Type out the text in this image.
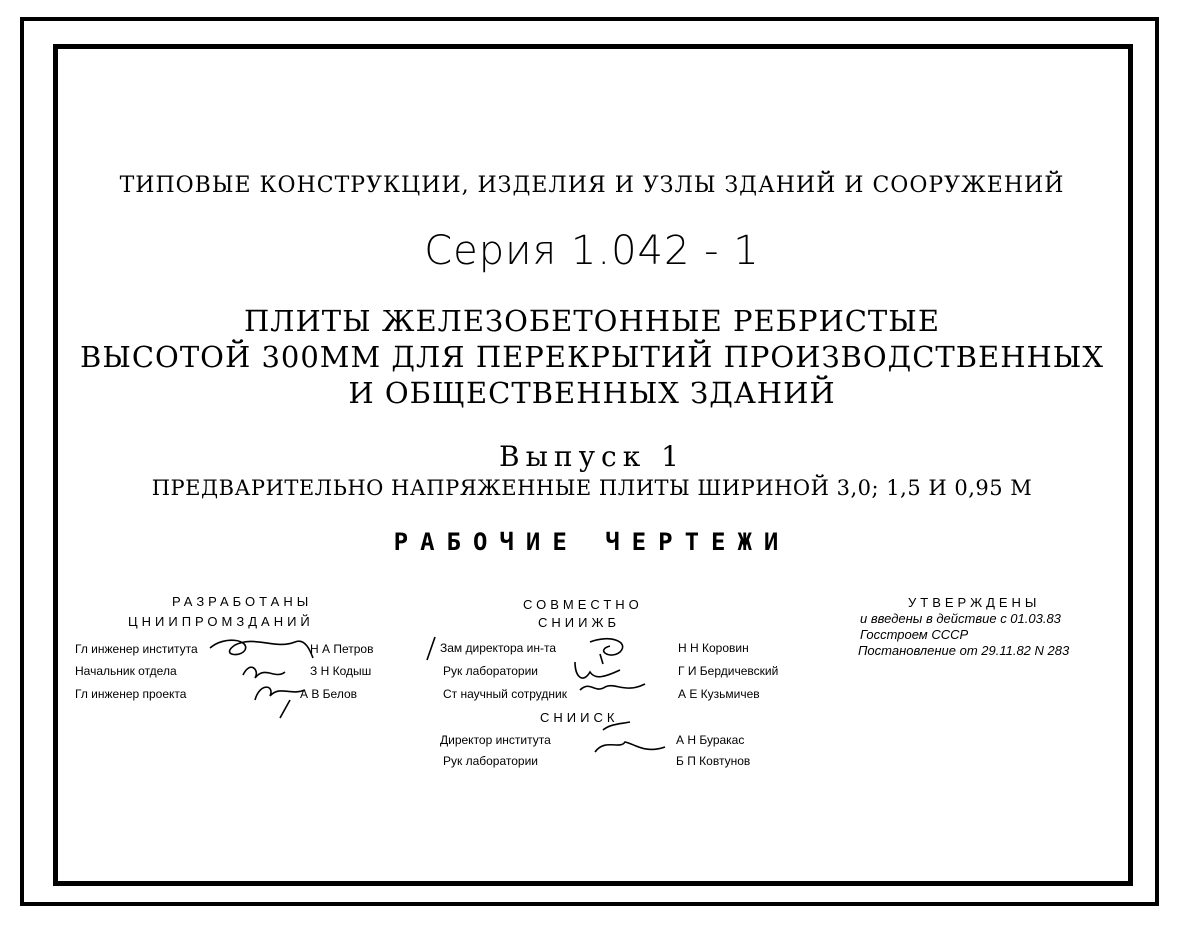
ТИПОВЫЕ КОНСТРУКЦИИ, ИЗДЕЛИЯ И УЗЛЫ ЗДАНИЙ И СООРУЖЕНИЙ
Серия 1.042 - 1
ПЛИТЫ ЖЕЛЕЗОБЕТОННЫЕ РЕБРИСТЫЕ
ВЫСОТОЙ 300ММ ДЛЯ ПЕРЕКРЫТИЙ ПРОИЗВОДСТВЕННЫХ
И ОБЩЕСТВЕННЫХ ЗДАНИЙ
Выпуск 1
ПРЕДВАРИТЕЛЬНО НАПРЯЖЕННЫЕ ПЛИТЫ ШИРИНОЙ 3,0; 1,5 И 0,95 М
РАБОЧИЕ ЧЕРТЕЖИ
РАЗРАБОТАНЫ
ЦНИИПРОМЗДАНИЙ
Гл инженер института	Н А Петров
Начальник отдела	З Н Кодыш
Гл инженер проекта	А В Белов
СОВМЕСТНО
СНИИЖБ
Зам директора ин-та	Н Н Коровин
Рук лаборатории	Г И Бердичевский
Ст научный сотрудник	А Е Кузьмичев
СНИИСК
Директор института	А Н Буракас
Рук лаборатории	Б П Ковтунов
УТВЕРЖДЕНЫ
и введены в действие с 01.03.83
Госстроем СССР
Постановление от 29.11.82 N 283
